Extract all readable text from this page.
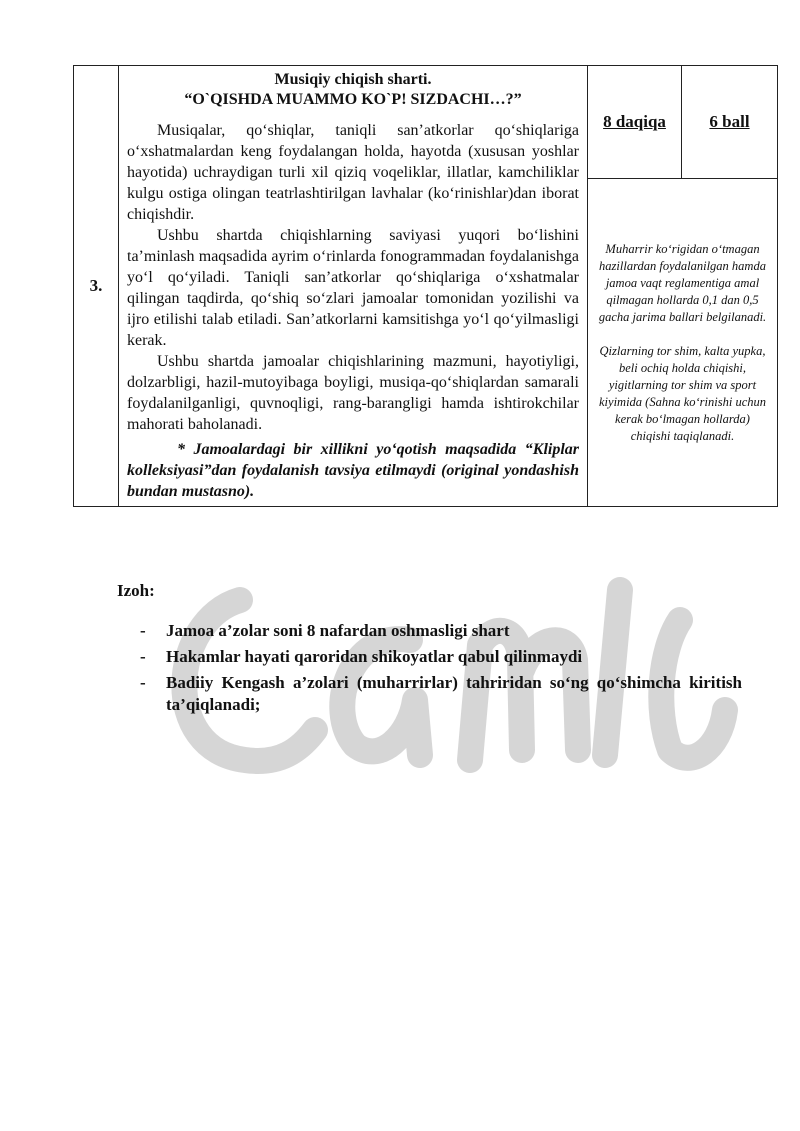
3.	
Musiqiy chiqish sharti.
“O`QISHDA MUAMMO KO`P! SIZDACHI…?”

Musiqalar, qo‘shiqlar, taniqli san’atkorlar qo‘shiqlariga o‘xshatmalardan keng foydalangan holda, hayotda (xususan yoshlar hayotida) uchraydigan turli xil qiziq voqeliklar, illatlar, kamchiliklar kulgu ostiga olingan teatrlashtirilgan lavhalar (ko‘rinishlar)dan iborat chiqishdir.

Ushbu shartda chiqishlarning saviyasi yuqori bo‘lishini ta’minlash maqsadida ayrim o‘rinlarda fonogrammadan foydalanishga yo‘l qo‘yiladi. Taniqli san’atkorlar qo‘shiqlariga o‘xshatmalar qilingan taqdirda, qo‘shiq so‘zlari jamoalar tomonidan yozilishi va ijro etilishi talab etiladi. San’atkorlarni kamsitishga yo‘l qo‘yilmasligi kerak.

Ushbu shartda jamoalar chiqishlarining mazmuni, hayotiyligi, dolzarbligi, hazil-mutoyibaga boyligi, musiqa-qo‘shiqlardan samarali foydalanilganligi, quvnoqligi, rang-barangligi hamda ishtirokchilar mahorati baholanadi.

* Jamoalardagi bir xillikni yo‘qotish maqsadida “Kliplar kolleksiyasi”dan foydalanish tavsiya etilmaydi (original yondashish bundan mustasno).

	8 daqiqa	6 ball

Muharrir ko‘rigidan o‘tmagan hazillardan foydalanilgan hamda jamoa vaqt reglamentiga amal qilmagan hollarda 0,1 dan 0,5 gacha jarima ballari belgilanadi.

Qizlarning tor shim, kalta yupka, beli ochiq holda chiqishi, yigitlarning tor shim va sport kiyimida (Sahna ko‘rinishi uchun kerak bo‘lmagan hollarda) chiqishi taqiqlanadi.

Izoh:
-	Jamoa a’zolar soni 8 nafardan oshmasligi shart
-	Hakamlar hayati qaroridan shikoyatlar qabul qilinmaydi
-	Badiiy Kengash a’zolari (muharrirlar) tahriridan so‘ng qo‘shimcha kiritish ta’qiqlanadi;
